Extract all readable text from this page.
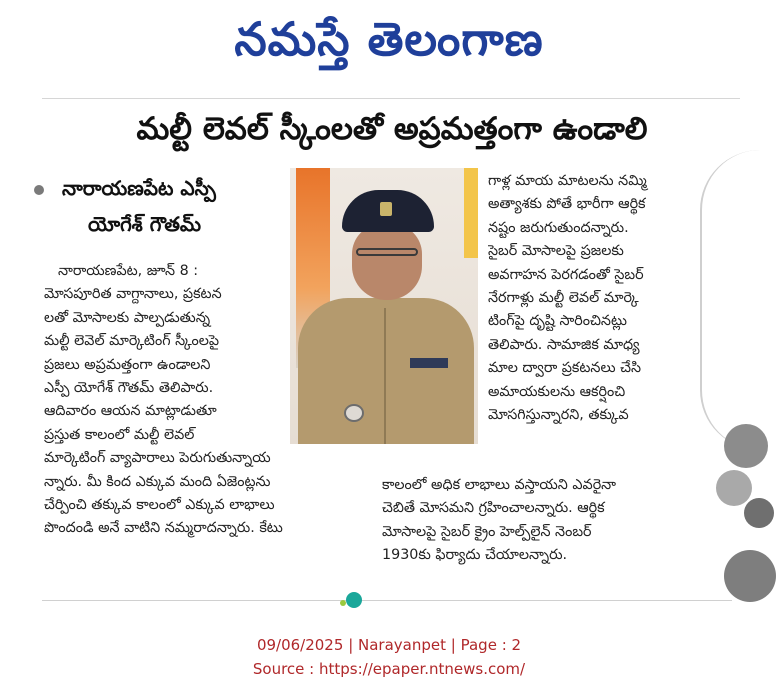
నమస్తే తెలంగాణ
మల్టీ లెవల్ స్కీంలతో అప్రమత్తంగా ఉండాలి
నారాయణపేట ఎస్పీ
యోగేశ్ గౌతమ్
నారాయణపేట, జూన్ 8 :
మోసపూరిత వాగ్దానాలు, ప్రకటన
లతో మోసాలకు పాల్పడుతున్న
మల్టీ లెవెల్ మార్కెటింగ్ స్కీంలపై
ప్రజలు అప్రమత్తంగా ఉండాలని
ఎస్పీ యోగేశ్ గౌతమ్ తెలిపారు.
ఆదివారం ఆయన మాట్లాడుతూ
ప్రస్తుత కాలంలో మల్టీ లెవల్
మార్కెటింగ్ వ్యాపారాలు పెరుగుతున్నాయ
న్నారు. మీ కింద ఎక్కువ మంది ఏజెంట్లను
చేర్పించి తక్కువ కాలంలో ఎక్కువ లాభాలు
పొందండి అనే వాటిని నమ్మరాదన్నారు. కేటు
గాళ్ల మాయ మాటలను నమ్మి
అత్యాశకు పోతే భారీగా ఆర్థిక
నష్టం జరుగుతుందన్నారు.
సైబర్ మోసాలపై ప్రజలకు
అవగాహన పెరగడంతో సైబర్
నేరగాళ్లు మల్టీ లెవల్ మార్కె
టింగ్‌పై దృష్టి సారించినట్లు
తెలిపారు. సామాజిక మాధ్య
మాల ద్వారా ప్రకటనలు చేసి
అమాయకులను ఆకర్షించి
మోసగిస్తున్నారని, తక్కువ
కాలంలో అధిక లాభాలు వస్తాయని ఎవరైనా
చెబితే మోసమని గ్రహించాలన్నారు. ఆర్థిక
మోసాలపై సైబర్ క్రైం హెల్ప్‌లైన్ నెంబర్
1930కు ఫిర్యాదు చేయాలన్నారు.
09/06/2025 | Narayanpet | Page : 2
Source : https://epaper.ntnews.com/
